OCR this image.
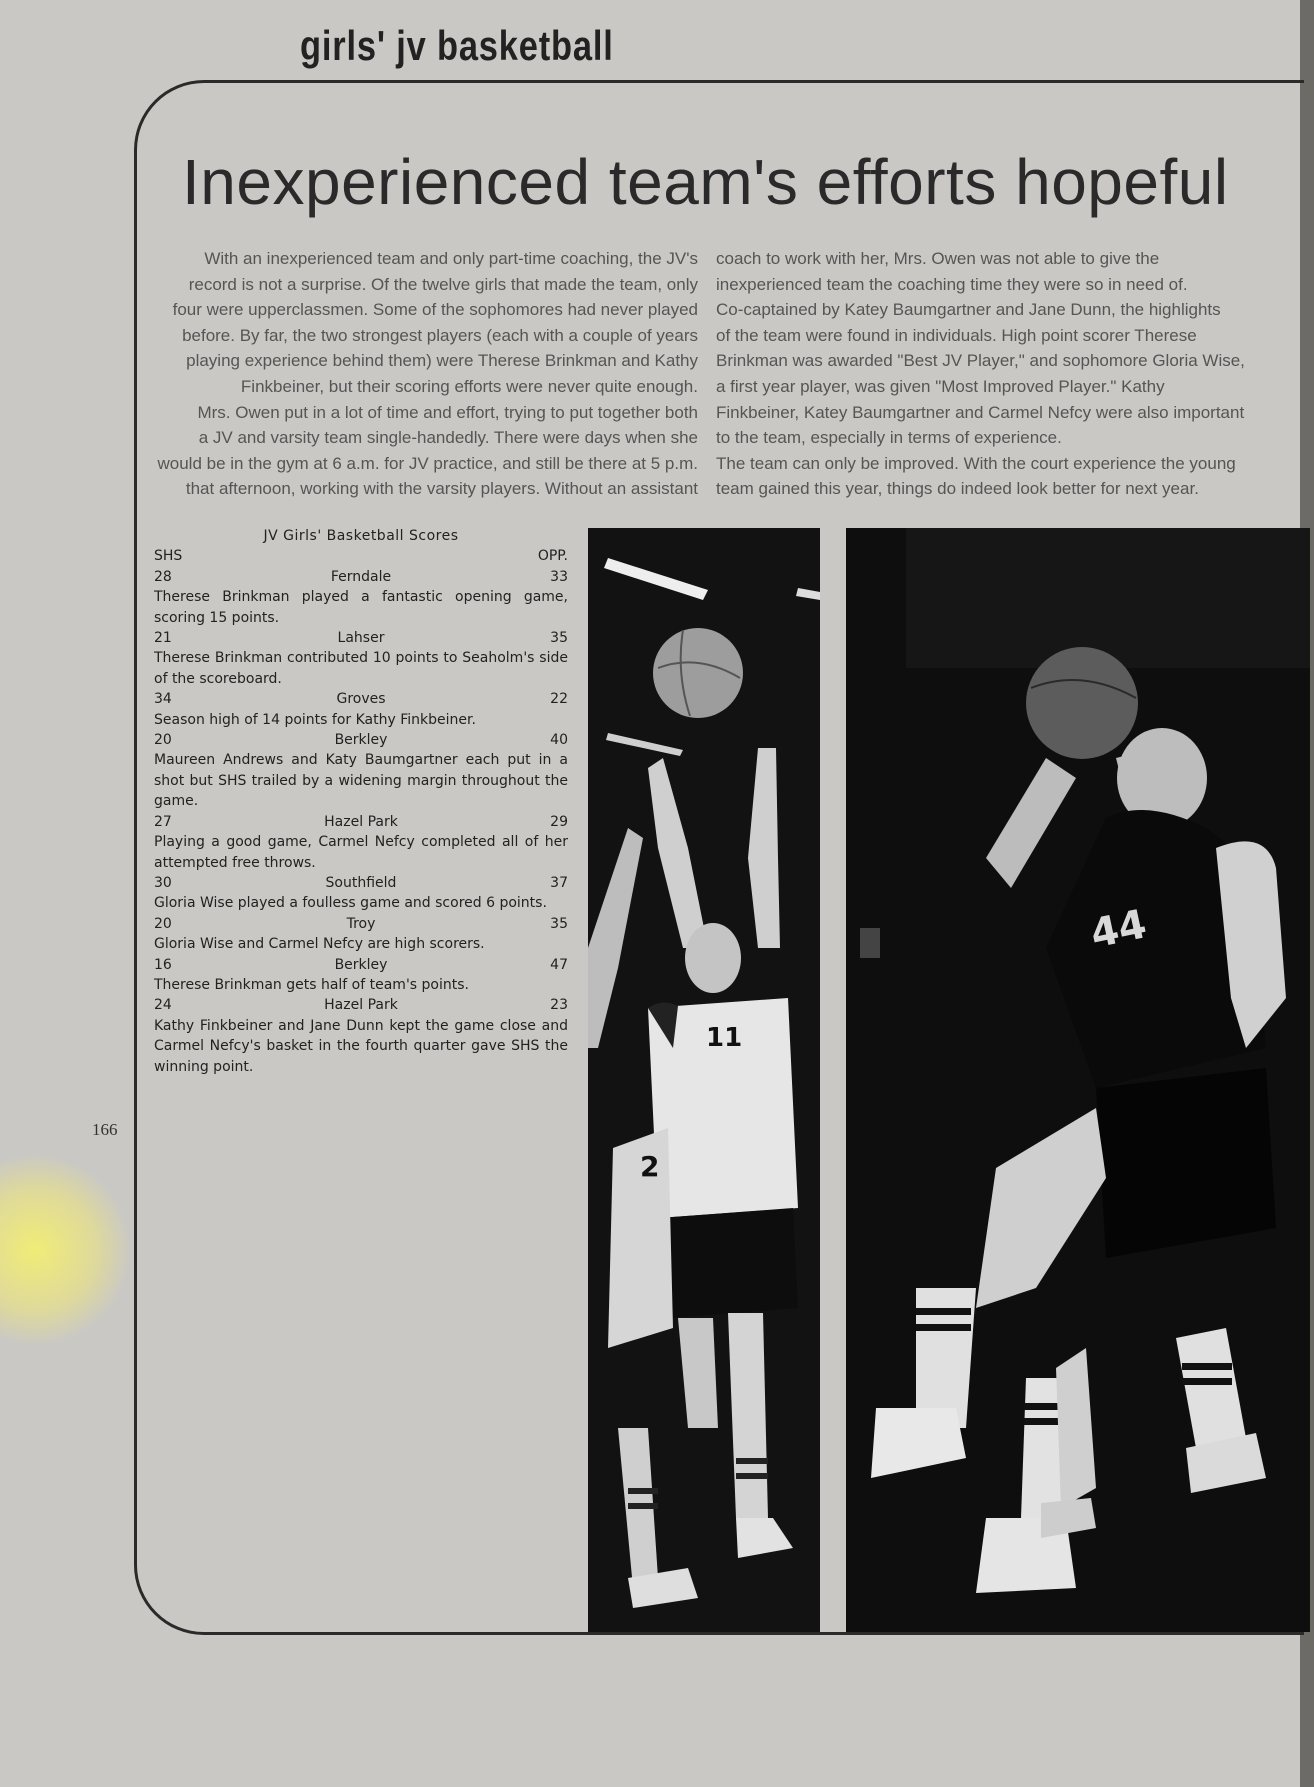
girls' jv basketball
Inexperienced team's efforts hopeful
With an inexperienced team and only part-time coaching, the JV's
record is not a surprise. Of the twelve girls that made the team, only
four were upperclassmen. Some of the sophomores had never played
before. By far, the two strongest players (each with a couple of years
playing experience behind them) were Therese Brinkman and Kathy
Finkbeiner, but their scoring efforts were never quite enough.
Mrs. Owen put in a lot of time and effort, trying to put together both
a JV and varsity team single-handedly. There were days when she
would be in the gym at 6 a.m. for JV practice, and still be there at 5 p.m.
that afternoon, working with the varsity players. Without an assistant
coach to work with her, Mrs. Owen was not able to give the
inexperienced team the coaching time they were so in need of.
Co-captained by Katey Baumgartner and Jane Dunn, the highlights
of the team were found in individuals. High point scorer Therese
Brinkman was awarded "Best JV Player," and sophomore Gloria Wise,
a first year player, was given "Most Improved Player." Kathy
Finkbeiner, Katey Baumgartner and Carmel Nefcy were also important
to the team, especially in terms of experience.
The team can only be improved. With the court experience the young
team gained this year, things do indeed look better for next year.
JV Girls' Basketball Scores
SHS	OPP.
28	Ferndale	33
Therese Brinkman played a fantastic opening game, scoring 15 points.
21	Lahser	35
Therese Brinkman contributed 10 points to Seaholm's side of the scoreboard.
34	Groves	22
Season high of 14 points for Kathy Finkbeiner.
20	Berkley	40
Maureen Andrews and Katy Baumgartner each put in a shot but SHS trailed by a widening margin throughout the game.
27	Hazel Park	29
Playing a good game, Carmel Nefcy completed all of her attempted free throws.
30	Southfield	37
Gloria Wise played a foulless game and scored 6 points.
20	Troy	35
Gloria Wise and Carmel Nefcy are high scorers.
16	Berkley	47
Therese Brinkman gets half of team's points.
24	Hazel Park	23
Kathy Finkbeiner and Jane Dunn kept the game close and Carmel Nefcy's basket in the fourth quarter gave SHS the winning point.
166
11
2
44
